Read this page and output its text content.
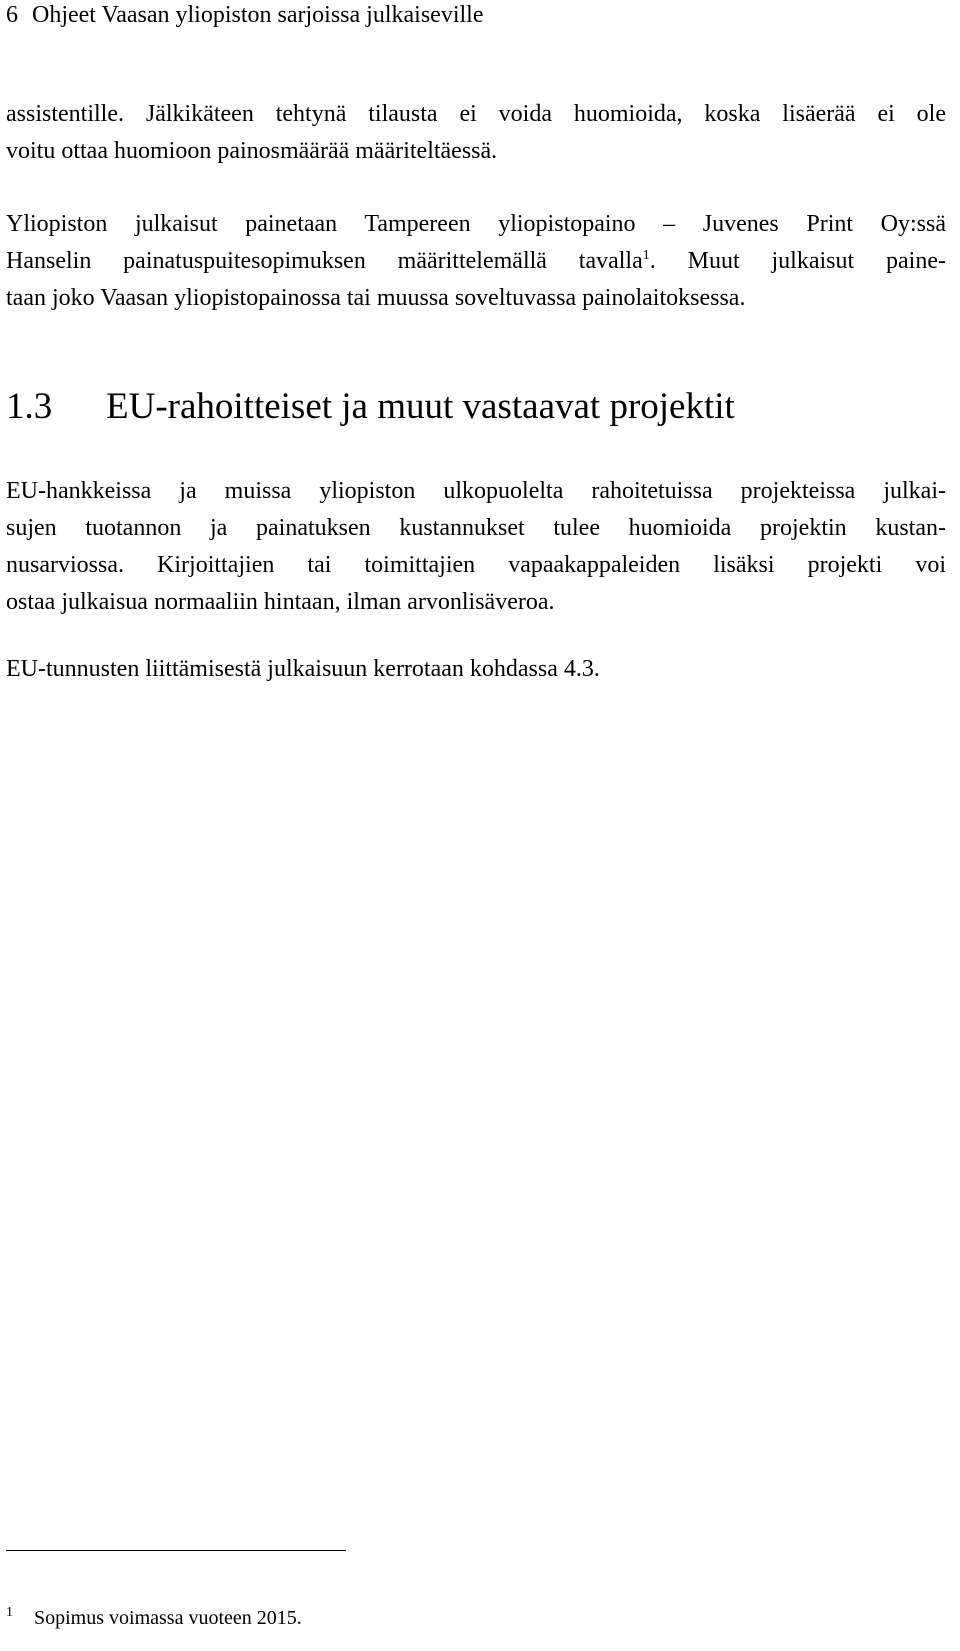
6 Ohjeet Vaasan yliopiston sarjoissa julkaiseville

assistentille. Jälkikäteen tehtynä tilausta ei voida huomioida, koska lisäerää ei ole
voitu ottaa huomioon painosmäärää määriteltäessä.

Yliopiston julkaisut painetaan Tampereen yliopistopaino – Juvenes Print Oy:ssä
Hanselin painatuspuitesopimuksen määrittelemällä tavalla$^1$. Muut julkaisut paine-
taan joko Vaasan yliopistopainossa tai muussa soveltuvassa painolaitoksessa.

1.3 EU-rahoitteiset ja muut vastaavat projektit

EU-hankkeissa ja muissa yliopiston ulkopuolelta rahoitetuissa projekteissa julkai-
sujen tuotannon ja painatuksen kustannukset tulee huomioida projektin kustan-
nusarviossa. Kirjoittajien tai toimittajien vapaakappaleiden lisäksi projekti voi
ostaa julkaisua normaaliin hintaan, ilman arvonlisäveroa.

EU-tunnusten liittämisestä julkaisuun kerrotaan kohdassa 4.3.

1 Sopimus voimassa vuoteen 2015.
